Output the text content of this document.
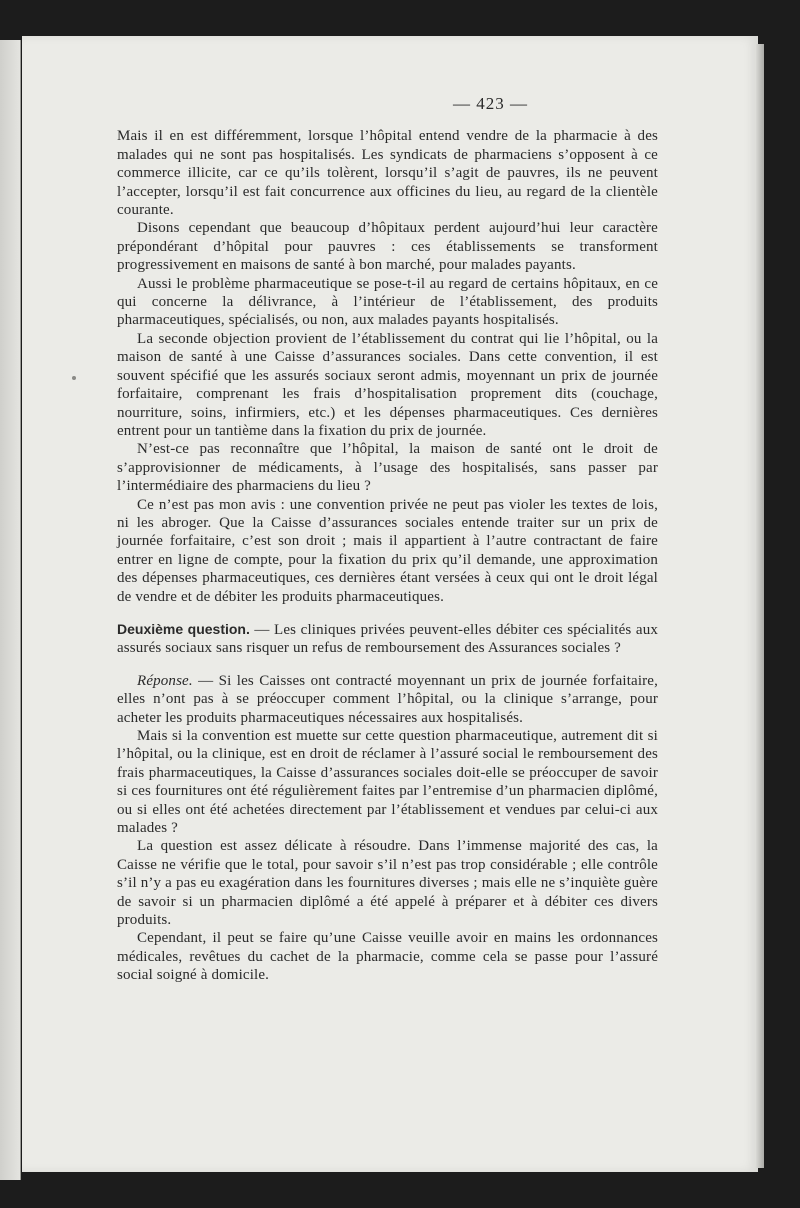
— 423 —

Mais il en est différemment, lorsque l’hôpital entend vendre de la pharmacie à des malades qui ne sont pas hospitalisés. Les syndicats de pharmaciens s’opposent à ce commerce illicite, car ce qu’ils tolèrent, lorsqu’il s’agit de pauvres, ils ne peuvent l’accepter, lorsqu’il est fait concurrence aux officines du lieu, au regard de la clientèle courante.

Disons cependant que beaucoup d’hôpitaux perdent aujourd’hui leur caractère prépondérant d’hôpital pour pauvres : ces établissements se transforment progressivement en maisons de santé à bon marché, pour malades payants.

Aussi le problème pharmaceutique se pose-t-il au regard de certains hôpitaux, en ce qui concerne la délivrance, à l’intérieur de l’établissement, des produits pharmaceutiques, spécialisés, ou non, aux malades payants hospitalisés.

La seconde objection provient de l’établissement du contrat qui lie l’hôpital, ou la maison de santé à une Caisse d’assurances sociales. Dans cette convention, il est souvent spécifié que les assurés sociaux seront admis, moyennant un prix de journée forfaitaire, comprenant les frais d’hospitalisation proprement dits (couchage, nourriture, soins, infirmiers, etc.) et les dépenses pharmaceutiques. Ces dernières entrent pour un tantième dans la fixation du prix de journée.

N’est-ce pas reconnaître que l’hôpital, la maison de santé ont le droit de s’approvisionner de médicaments, à l’usage des hospitalisés, sans passer par l’intermédiaire des pharmaciens du lieu ?

Ce n’est pas mon avis : une convention privée ne peut pas violer les textes de lois, ni les abroger. Que la Caisse d’assurances sociales entende traiter sur un prix de journée forfaitaire, c’est son droit ; mais il appartient à l’autre contractant de faire entrer en ligne de compte, pour la fixation du prix qu’il demande, une approximation des dépenses pharmaceutiques, ces dernières étant versées à ceux qui ont le droit légal de vendre et de débiter les produits pharmaceutiques.

Deuxième question. — Les cliniques privées peuvent-elles débiter ces spécialités aux assurés sociaux sans risquer un refus de remboursement des Assurances sociales ?

Réponse. — Si les Caisses ont contracté moyennant un prix de journée forfaitaire, elles n’ont pas à se préoccuper comment l’hôpital, ou la clinique s’arrange, pour acheter les produits pharmaceutiques nécessaires aux hospitalisés.

Mais si la convention est muette sur cette question pharmaceutique, autrement dit si l’hôpital, ou la clinique, est en droit de réclamer à l’assuré social le remboursement des frais pharmaceutiques, la Caisse d’assurances sociales doit-elle se préoccuper de savoir si ces fournitures ont été régulièrement faites par l’entremise d’un pharmacien diplômé, ou si elles ont été achetées directement par l’établissement et vendues par celui-ci aux malades ?

La question est assez délicate à résoudre. Dans l’immense majorité des cas, la Caisse ne vérifie que le total, pour savoir s’il n’est pas trop considérable ; elle contrôle s’il n’y a pas eu exagération dans les fournitures diverses ; mais elle ne s’inquiète guère de savoir si un pharmacien diplômé a été appelé à préparer et à débiter ces divers produits.

Cependant, il peut se faire qu’une Caisse veuille avoir en mains les ordonnances médicales, revêtues du cachet de la pharmacie, comme cela se passe pour l’assuré social soigné à domicile.
